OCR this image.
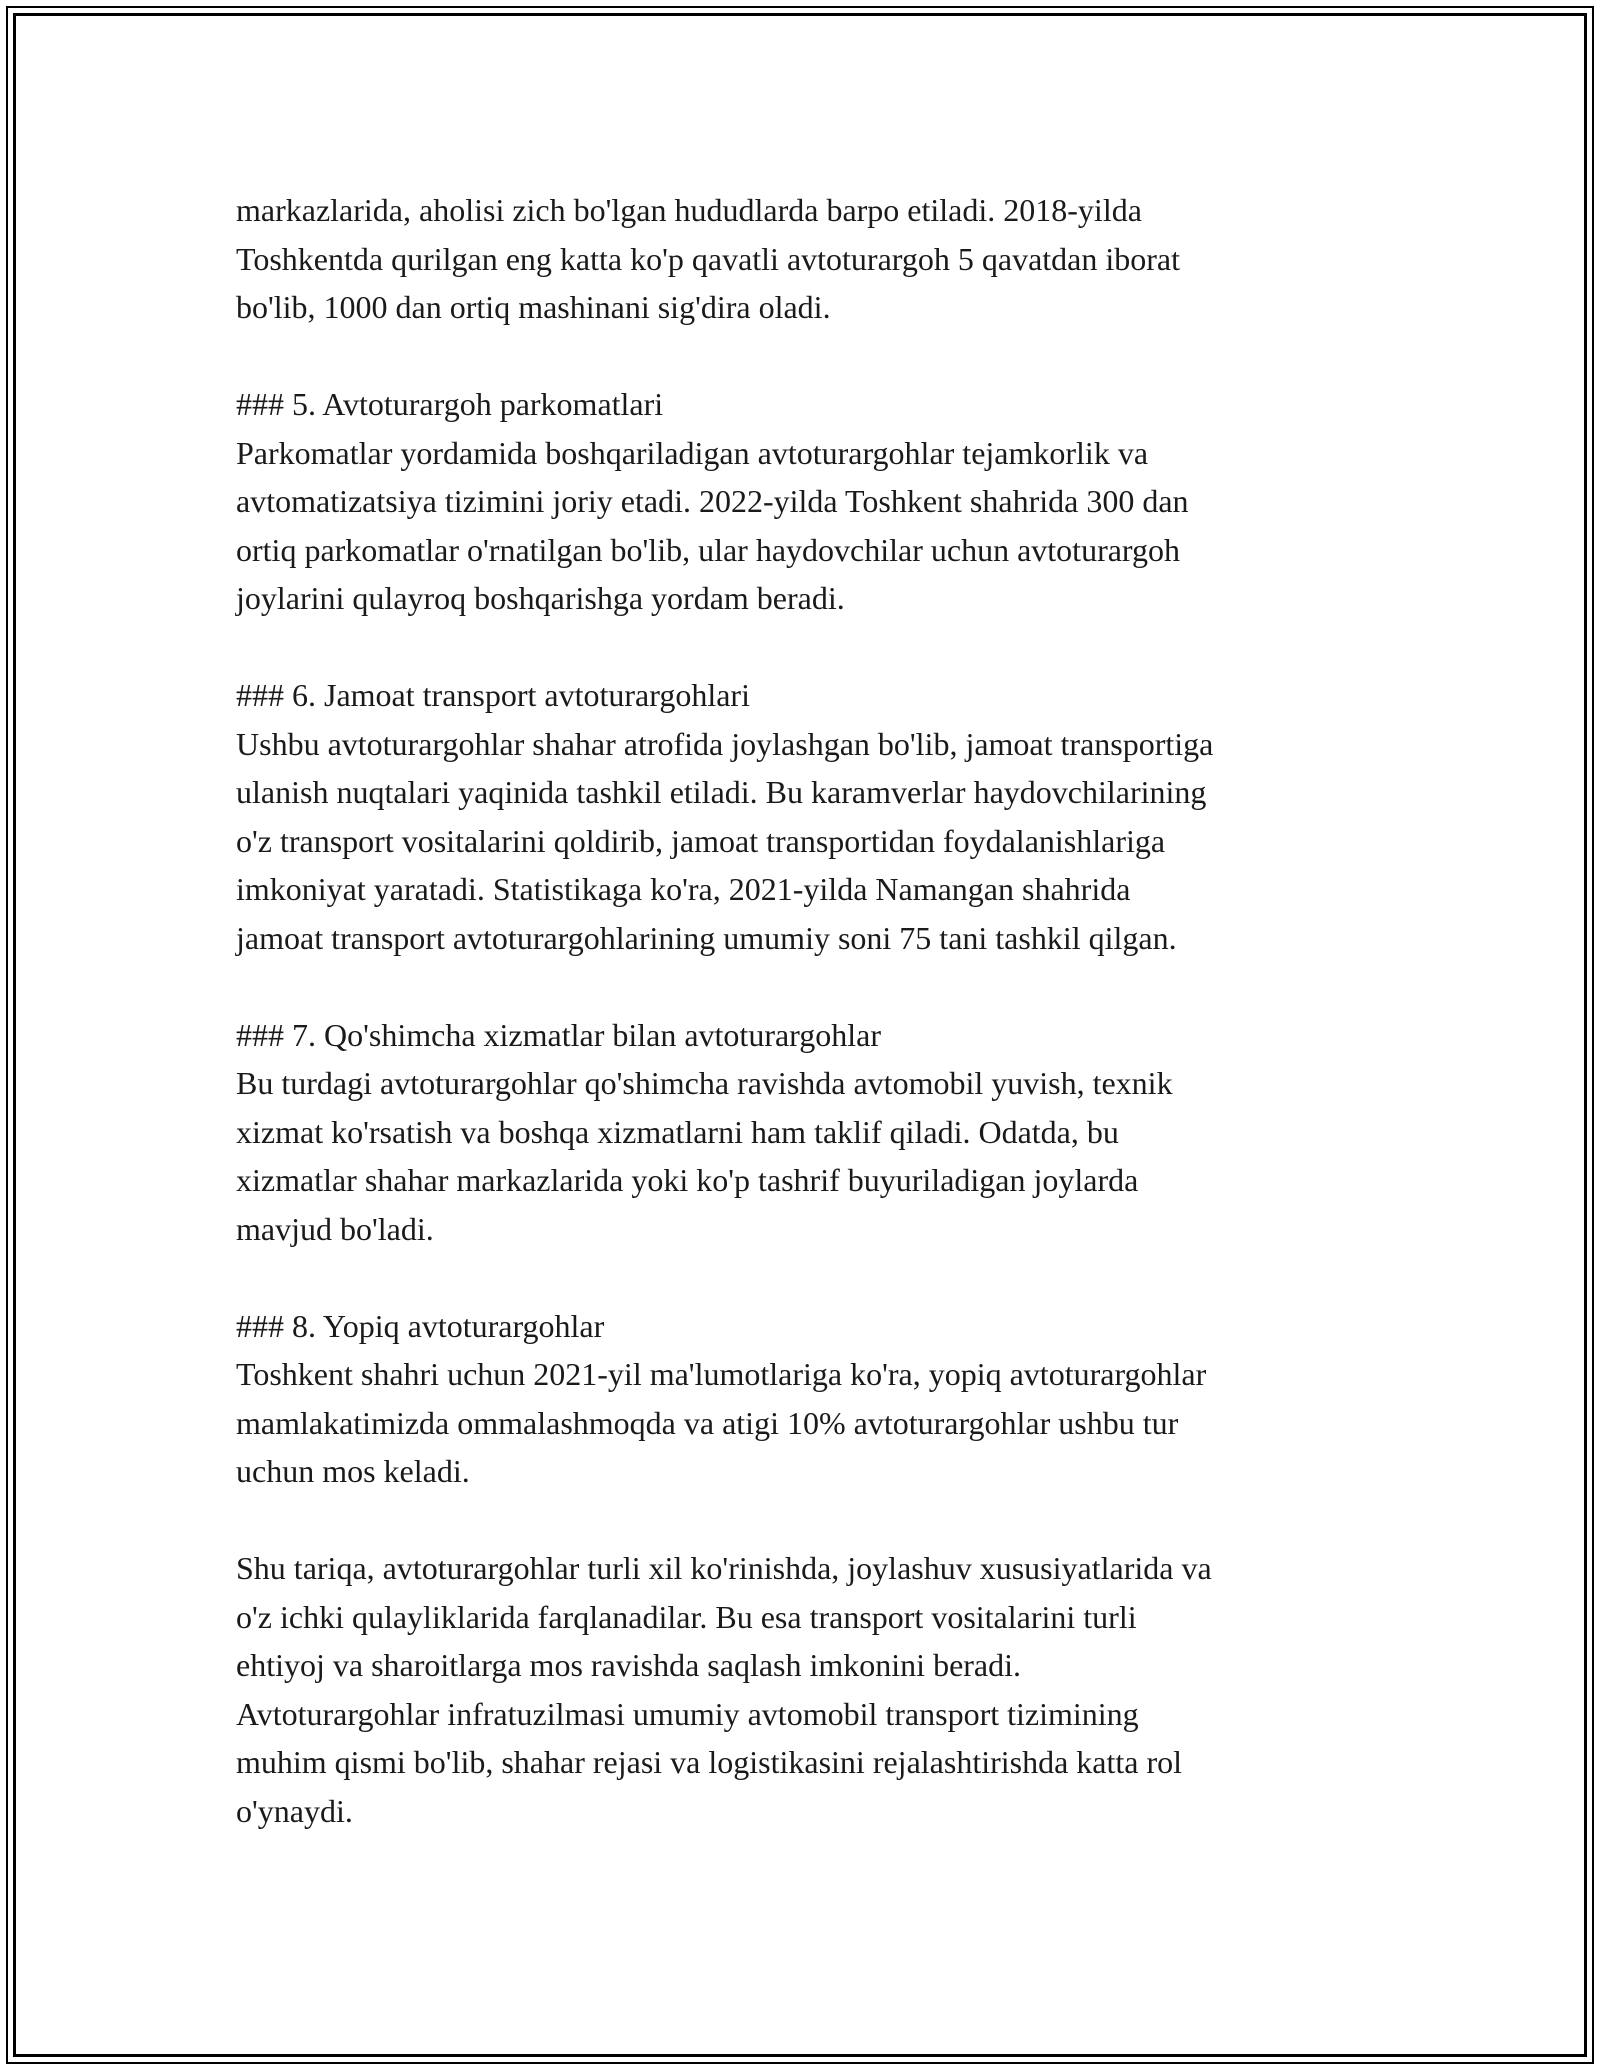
markazlarida, aholisi zich bo'lgan hududlarda barpo etiladi. 2018-yilda
Toshkentda qurilgan eng katta ko'p qavatli avtoturargoh 5 qavatdan iborat
bo'lib, 1000 dan ortiq mashinani sig'dira oladi.

### 5. Avtoturargoh parkomatlari
Parkomatlar yordamida boshqariladigan avtoturargohlar tejamkorlik va
avtomatizatsiya tizimini joriy etadi. 2022-yilda Toshkent shahrida 300 dan
ortiq parkomatlar o'rnatilgan bo'lib, ular haydovchilar uchun avtoturargoh
joylarini qulayroq boshqarishga yordam beradi.

### 6. Jamoat transport avtoturargohlari
Ushbu avtoturargohlar shahar atrofida joylashgan bo'lib, jamoat transportiga
ulanish nuqtalari yaqinida tashkil etiladi. Bu karamverlar haydovchilarining
o'z transport vositalarini qoldirib, jamoat transportidan foydalanishlariga
imkoniyat yaratadi. Statistikaga ko'ra, 2021-yilda Namangan shahrida
jamoat transport avtoturargohlarining umumiy soni 75 tani tashkil qilgan.

### 7. Qo'shimcha xizmatlar bilan avtoturargohlar
Bu turdagi avtoturargohlar qo'shimcha ravishda avtomobil yuvish, texnik
xizmat ko'rsatish va boshqa xizmatlarni ham taklif qiladi. Odatda, bu
xizmatlar shahar markazlarida yoki ko'p tashrif buyuriladigan joylarda
mavjud bo'ladi.

### 8. Yopiq avtoturargohlar
Toshkent shahri uchun 2021-yil ma'lumotlariga ko'ra, yopiq avtoturargohlar
mamlakatimizda ommalashmoqda va atigi 10% avtoturargohlar ushbu tur
uchun mos keladi.

Shu tariqa, avtoturargohlar turli xil ko'rinishda, joylashuv xususiyatlarida va
o'z ichki qulayliklarida farqlanadilar. Bu esa transport vositalarini turli
ehtiyoj va sharoitlarga mos ravishda saqlash imkonini beradi.
Avtoturargohlar infratuzilmasi umumiy avtomobil transport tizimining
muhim qismi bo'lib, shahar rejasi va logistikasini rejalashtirishda katta rol
o'ynaydi.
